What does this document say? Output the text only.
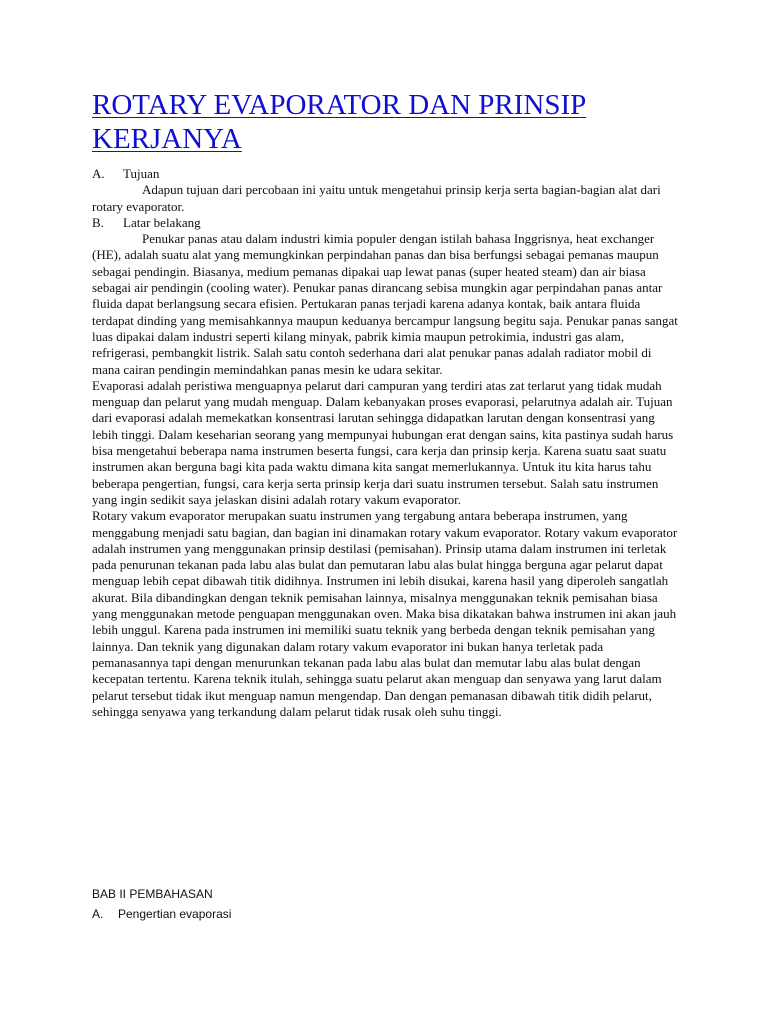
ROTARY EVAPORATOR DAN PRINSIP KERJANYA
A.	Tujuan

Adapun tujuan dari percobaan ini yaitu untuk mengetahui prinsip kerja serta bagian-bagian alat dari rotary evaporator.

B.	Latar belakang

Penukar panas atau dalam industri kimia populer dengan istilah bahasa Inggrisnya, heat exchanger (HE), adalah suatu alat yang memungkinkan perpindahan panas dan bisa berfungsi sebagai pemanas maupun sebagai pendingin. Biasanya, medium pemanas dipakai uap lewat panas (super heated steam) dan air biasa sebagai air pendingin (cooling water). Penukar panas dirancang sebisa mungkin agar perpindahan panas antar fluida dapat berlangsung secara efisien. Pertukaran panas terjadi karena adanya kontak, baik antara fluida terdapat dinding yang memisahkannya maupun keduanya bercampur langsung begitu saja. Penukar panas sangat luas dipakai dalam industri seperti kilang minyak, pabrik kimia maupun petrokimia, industri gas alam, refrigerasi, pembangkit listrik. Salah satu contoh sederhana dari alat penukar panas adalah radiator mobil di mana cairan pendingin memindahkan panas mesin ke udara sekitar.

Evaporasi adalah peristiwa menguapnya pelarut dari campuran yang terdiri atas zat terlarut yang tidak mudah menguap dan pelarut yang mudah menguap. Dalam kebanyakan proses evaporasi, pelarutnya adalah air. Tujuan dari evaporasi adalah memekatkan konsentrasi larutan sehingga didapatkan larutan dengan konsentrasi yang lebih tinggi. Dalam keseharian seorang yang mempunyai hubungan erat dengan sains, kita pastinya sudah harus bisa mengetahui beberapa nama instrumen beserta fungsi, cara kerja dan prinsip kerja. Karena suatu saat suatu instrumen akan berguna bagi kita pada waktu dimana kita sangat memerlukannya. Untuk itu kita harus tahu beberapa pengertian, fungsi, cara kerja serta prinsip kerja dari suatu instrumen tersebut. Salah satu instrumen yang ingin sedikit saya jelaskan disini adalah rotary vakum evaporator.

Rotary vakum evaporator merupakan suatu instrumen yang tergabung antara beberapa instrumen, yang menggabung menjadi satu bagian, dan bagian ini dinamakan rotary vakum evaporator. Rotary vakum evaporator adalah instrumen yang menggunakan prinsip destilasi (pemisahan). Prinsip utama dalam instrumen ini terletak pada penurunan tekanan pada labu alas bulat dan pemutaran labu alas bulat hingga berguna agar pelarut dapat menguap lebih cepat dibawah titik didihnya. Instrumen ini lebih disukai, karena hasil yang diperoleh sangatlah akurat. Bila dibandingkan dengan teknik pemisahan lainnya, misalnya menggunakan teknik pemisahan biasa yang menggunakan metode penguapan menggunakan oven. Maka bisa dikatakan bahwa instrumen ini akan jauh lebih unggul. Karena pada instrumen ini memiliki suatu teknik yang berbeda dengan teknik pemisahan yang lainnya. Dan teknik yang digunakan dalam rotary vakum evaporator ini bukan hanya terletak pada pemanasannya tapi dengan menurunkan tekanan pada labu alas bulat dan memutar labu alas bulat dengan kecepatan tertentu. Karena teknik itulah, sehingga suatu pelarut akan menguap dan senyawa yang larut dalam pelarut tersebut tidak ikut menguap namun mengendap. Dan dengan pemanasan dibawah titik didih pelarut, sehingga senyawa yang terkandung dalam pelarut tidak rusak oleh suhu tinggi.

BAB II PEMBAHASAN
A.	Pengertian evaporasi
